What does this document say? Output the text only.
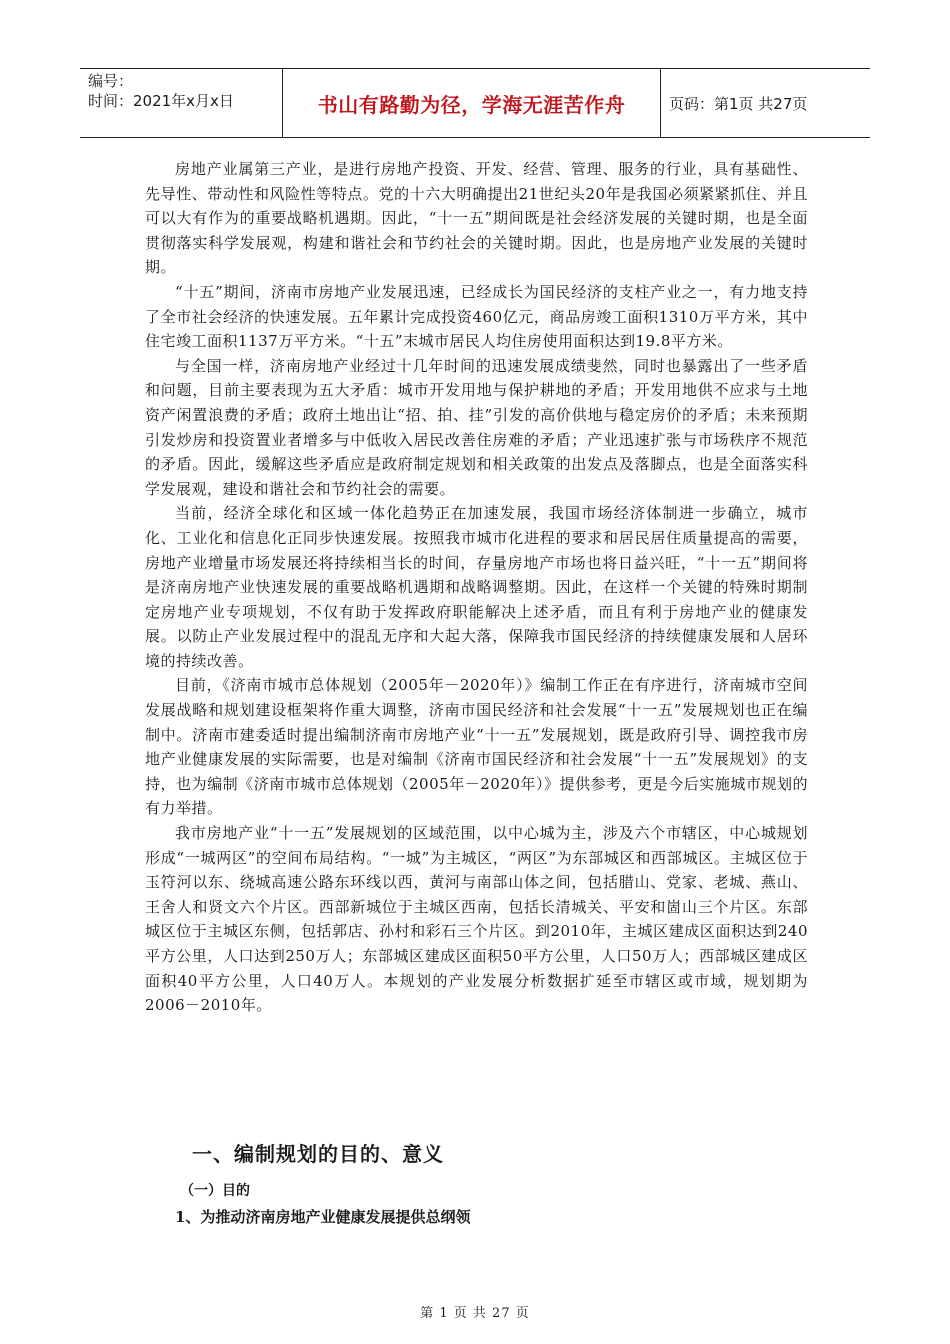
编号：
时间：2021年x月x日	书山有路勤为径，学海无涯苦作舟	页码：第1页 共27页

房地产业属第三产业，是进行房地产投资、开发、经营、管理、服务的行业，具有基础性、先导性、带动性和风险性等特点。党的十六大明确提出21世纪头20年是我国必须紧紧抓住、并且可以大有作为的重要战略机遇期。因此，“十一五”期间既是社会经济发展的关键时期，也是全面贯彻落实科学发展观，构建和谐社会和节约社会的关键时期。因此，也是房地产业发展的关键时期。

“十五”期间，济南市房地产业发展迅速，已经成长为国民经济的支柱产业之一，有力地支持了全市社会经济的快速发展。五年累计完成投资460亿元，商品房竣工面积1310万平方米，其中住宅竣工面积1137万平方米。“十五”末城市居民人均住房使用面积达到19.8平方米。

与全国一样，济南房地产业经过十几年时间的迅速发展成绩斐然，同时也暴露出了一些矛盾和问题，目前主要表现为五大矛盾：城市开发用地与保护耕地的矛盾；开发用地供不应求与土地资产闲置浪费的矛盾；政府土地出让“招、拍、挂”引发的高价供地与稳定房价的矛盾；未来预期引发炒房和投资置业者增多与中低收入居民改善住房难的矛盾；产业迅速扩张与市场秩序不规范的矛盾。因此，缓解这些矛盾应是政府制定规划和相关政策的出发点及落脚点，也是全面落实科学发展观，建设和谐社会和节约社会的需要。

当前，经济全球化和区域一体化趋势正在加速发展，我国市场经济体制进一步确立，城市化、工业化和信息化正同步快速发展。按照我市城市化进程的要求和居民居住质量提高的需要，房地产业增量市场发展还将持续相当长的时间，存量房地产市场也将日益兴旺，“十一五”期间将是济南房地产业快速发展的重要战略机遇期和战略调整期。因此，在这样一个关键的特殊时期制定房地产业专项规划，不仅有助于发挥政府职能解决上述矛盾，而且有利于房地产业的健康发展。以防止产业发展过程中的混乱无序和大起大落，保障我市国民经济的持续健康发展和人居环境的持续改善。

目前，《济南市城市总体规划（2005年－2020年）》编制工作正在有序进行，济南城市空间发展战略和规划建设框架将作重大调整，济南市国民经济和社会发展“十一五”发展规划也正在编制中。济南市建委适时提出编制济南市房地产业“十一五”发展规划，既是政府引导、调控我市房地产业健康发展的实际需要，也是对编制《济南市国民经济和社会发展“十一五”发展规划》的支持，也为编制《济南市城市总体规划（2005年－2020年）》提供参考，更是今后实施城市规划的有力举措。

我市房地产业“十一五”发展规划的区域范围，以中心城为主，涉及六个市辖区，中心城规划形成“一城两区”的空间布局结构。“一城”为主城区，“两区”为东部城区和西部城区。主城区位于玉符河以东、绕城高速公路东环线以西，黄河与南部山体之间，包括腊山、党家、老城、燕山、王舍人和贤文六个片区。西部新城位于主城区西南，包括长清城关、平安和崮山三个片区。东部城区位于主城区东侧，包括郭店、孙村和彩石三个片区。到2010年，主城区建成区面积达到240平方公里，人口达到250万人；东部城区建成区面积50平方公里，人口50万人；西部城区建成区面积40平方公里，人口40万人。本规划的产业发展分析数据扩延至市辖区或市域，规划期为2006－2010年。

一、编制规划的目的、意义
（一）目的
1、为推动济南房地产业健康发展提供总纲领
第 1 页 共 27 页
